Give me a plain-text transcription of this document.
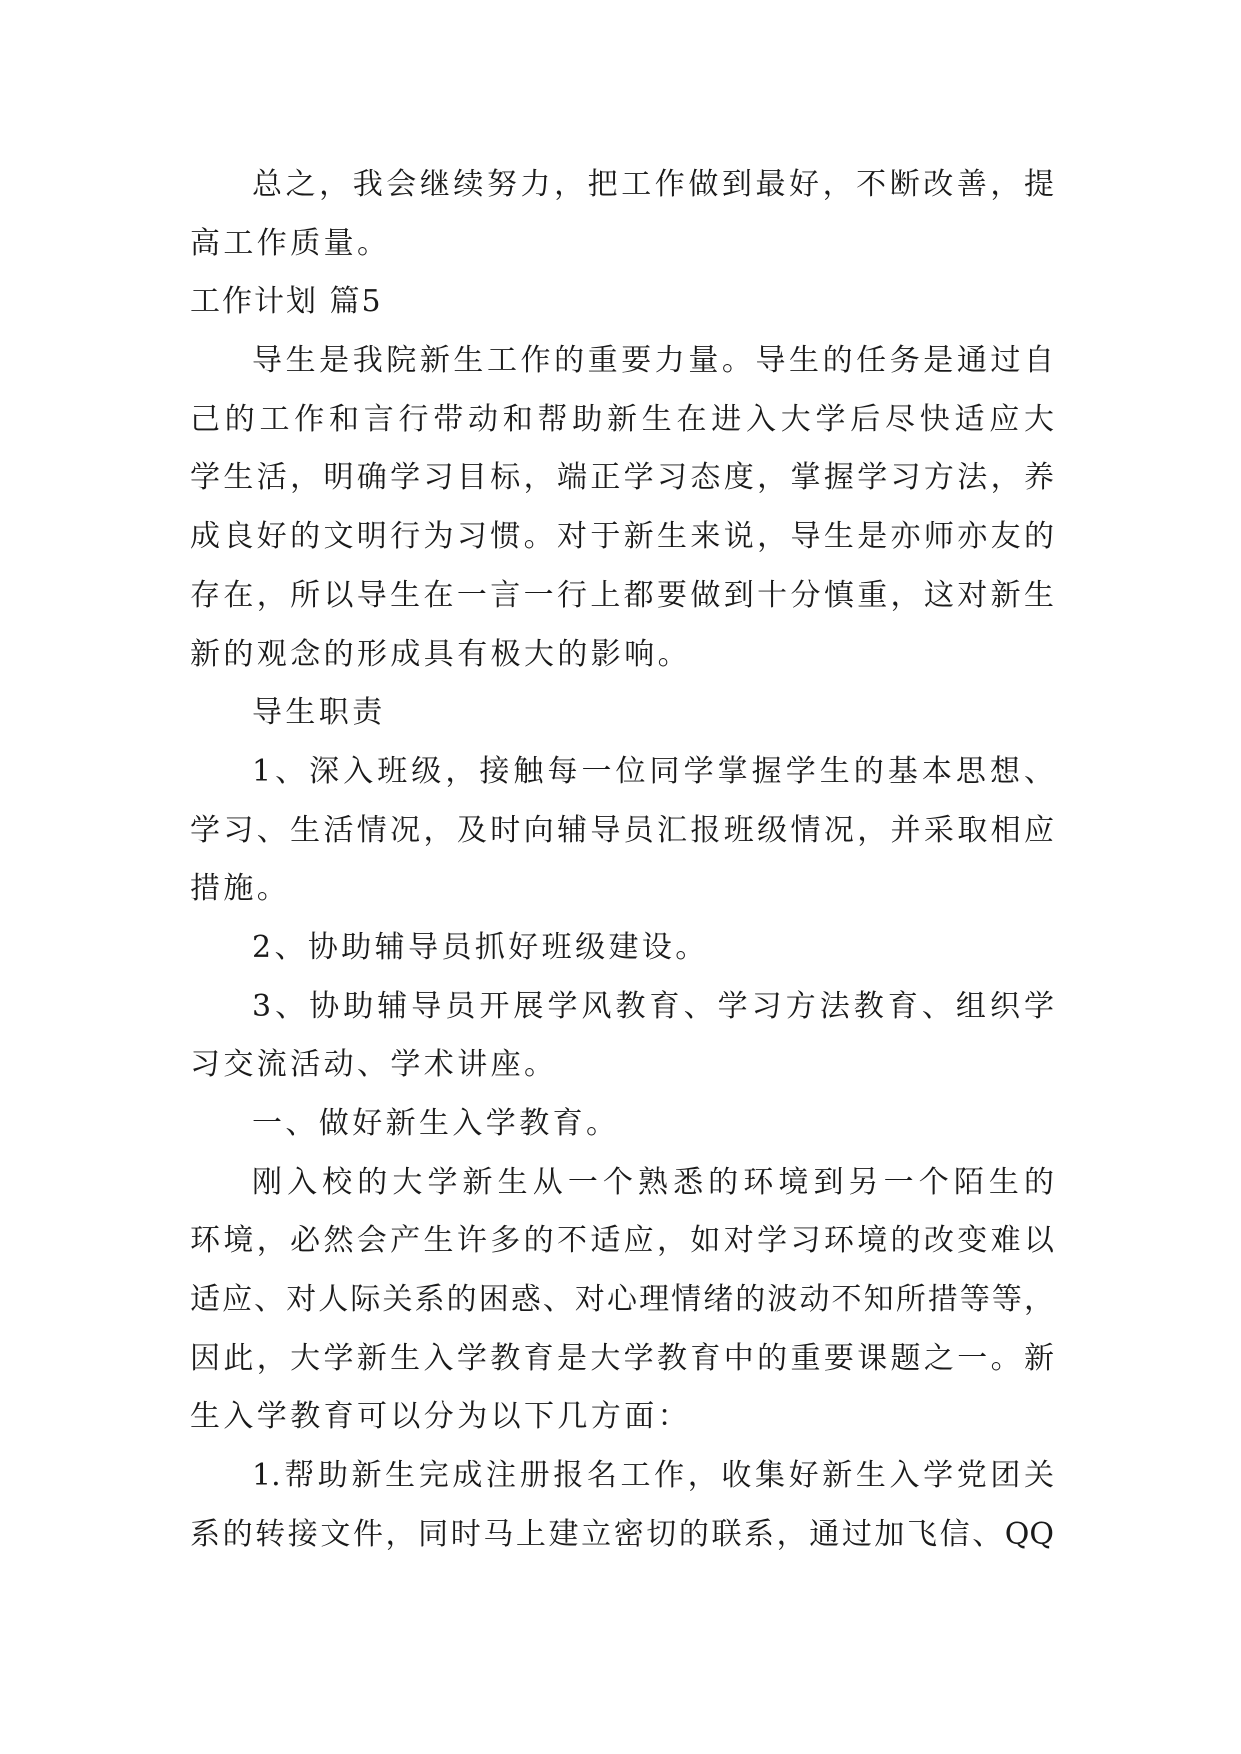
总之，我会继续努力，把工作做到最好，不断改善，提
高工作质量。
工作计划 篇5
导生是我院新生工作的重要力量。导生的任务是通过自
己的工作和言行带动和帮助新生在进入大学后尽快适应大
学生活，明确学习目标，端正学习态度，掌握学习方法，养
成良好的文明行为习惯。对于新生来说，导生是亦师亦友的
存在，所以导生在一言一行上都要做到十分慎重，这对新生
新的观念的形成具有极大的影响。
导生职责
1、深入班级，接触每一位同学掌握学生的基本思想、
学习、生活情况，及时向辅导员汇报班级情况，并采取相应
措施。
2、协助辅导员抓好班级建设。
3、协助辅导员开展学风教育、学习方法教育、组织学
习交流活动、学术讲座。
一、做好新生入学教育。
刚入校的大学新生从一个熟悉的环境到另一个陌生的
环境，必然会产生许多的不适应，如对学习环境的改变难以
适应、对人际关系的困惑、对心理情绪的波动不知所措等等，
因此，大学新生入学教育是大学教育中的重要课题之一。新
生入学教育可以分为以下几方面：
1.帮助新生完成注册报名工作，收集好新生入学党团关
系的转接文件，同时马上建立密切的联系，通过加飞信、QQ
